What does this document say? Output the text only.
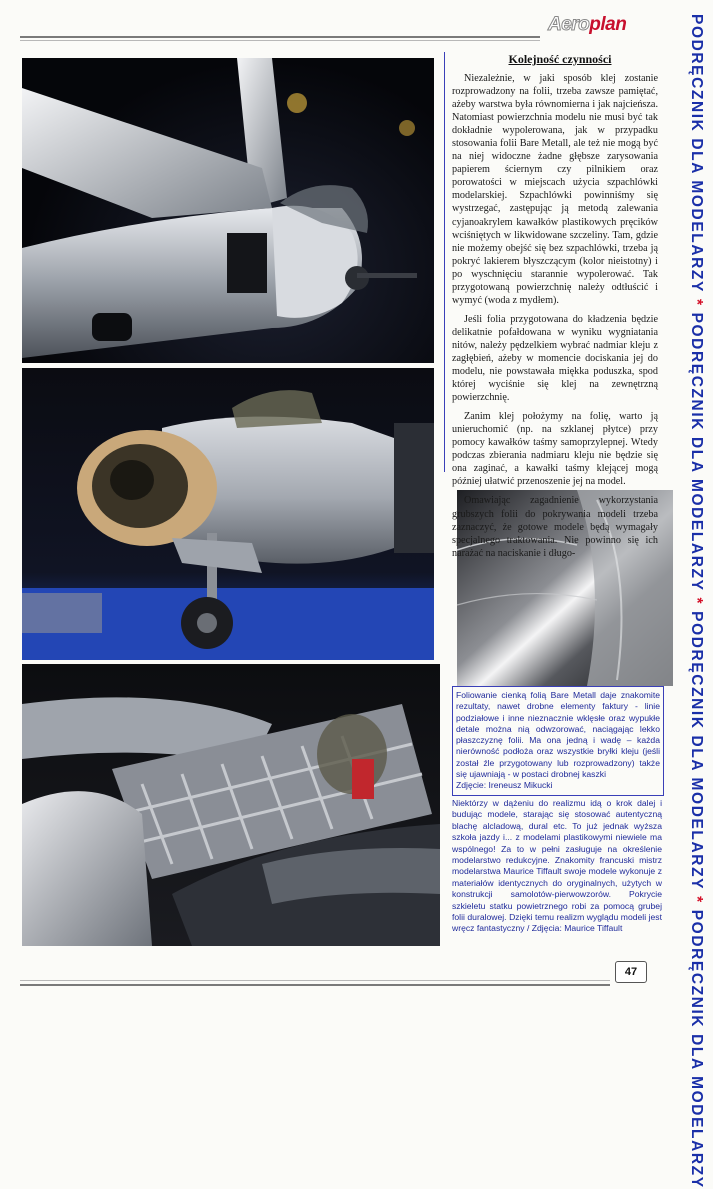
Aeroplan	PODRĘCZNIK DLA MODELARZY*PODRĘCZNIK DLA MODELARZY*PODRĘCZNIK DLA MODELARZY*PODRĘCZNIK DLA MODELARZY
Kolejność czynności

Niezależnie, w jaki sposób klej zostanie rozprowadzony na folii, trzeba zawsze pamiętać, ażeby warstwa była równomierna i jak najcieńsza. Natomiast powierzchnia modelu nie musi być tak dokładnie wypolerowana, jak w przypadku stosowania folii Bare Metall, ale też nie mogą być na niej widoczne żadne głębsze zarysowania papierem ściernym czy pilnikiem oraz porowatości w miejscach użycia szpachlówki modelarskiej. Szpachlówki powinniśmy się wystrzegać, zastępując ją metodą zalewania cyjanoakrylem kawałków plastikowych pręcików wciśniętych w likwidowane szczeliny. Tam, gdzie nie możemy obejść się bez szpachlówki, trzeba ją pokryć lakierem błyszczącym (kolor nieistotny) i po wyschnięciu starannie wypolerować. Tak przygotowaną powierzchnię należy odtłuścić i wymyć (woda z mydłem).

Jeśli folia przygotowana do kładzenia będzie delikatnie pofałdowana w wyniku wygniatania nitów, należy pędzelkiem wybrać nadmiar kleju z zagłębień, ażeby w momencie dociskania jej do modelu, nie powstawała miękka poduszka, spod której wyciśnie się klej na zewnętrzną powierzchnię.

Zanim klej położymy na folię, warto ją unieruchomić (np. na szklanej płytce) przy pomocy kawałków taśmy samoprzylepnej. Wtedy podczas zbierania nadmiaru kleju nie będzie się ona zaginać, a kawałki taśmy klejącej mogą później ułatwić przenoszenie jej na model.

Omawiając zagadnienie wykorzystania grubszych folii do pokrywania modeli trzeba zaznaczyć, że gotowe modele będą wymagały specjalnego traktowania. Nie powinno się ich narażać na naciskanie i długo-

Foliowanie cienką folią Bare Metall daje znakomite rezultaty, nawet drobne elementy faktury - linie podziałowe i inne nieznacznie wklęsłe oraz wypukłe detale można nią odwzorować, naciągając lekko płaszczyznę folii. Ma ona jedną i wadę – każda nierówność podłoża oraz wszystkie bryłki kleju (jeśli został źle przygotowany lub rozprowadzony) także się ujawniają - w postaci drobnej kaszki
Zdjęcie: Ireneusz Mikucki
Niektórzy w dążeniu do realizmu idą o krok dalej i budując modele, starając się stosować autentyczną blachę alcladową, dural etc. To już jednak wyższa szkoła jazdy i... z modelami plastikowymi niewiele ma wspólnego! Za to w pełni zasługuje na określenie modelarstwo redukcyjne. Znakomity francuski mistrz modelarstwa Maurice Tiffault swoje modele wykonuje z materiałów identycznych do oryginalnych, użytych w konstrukcji samolotów-pierwowzorów. Pokrycie szkieletu statku powietrznego robi za pomocą grubej folii duralowej. Dzięki temu realizm wyglądu modeli jest wręcz fantastyczny / Zdjęcia: Maurice Tiffault
47
